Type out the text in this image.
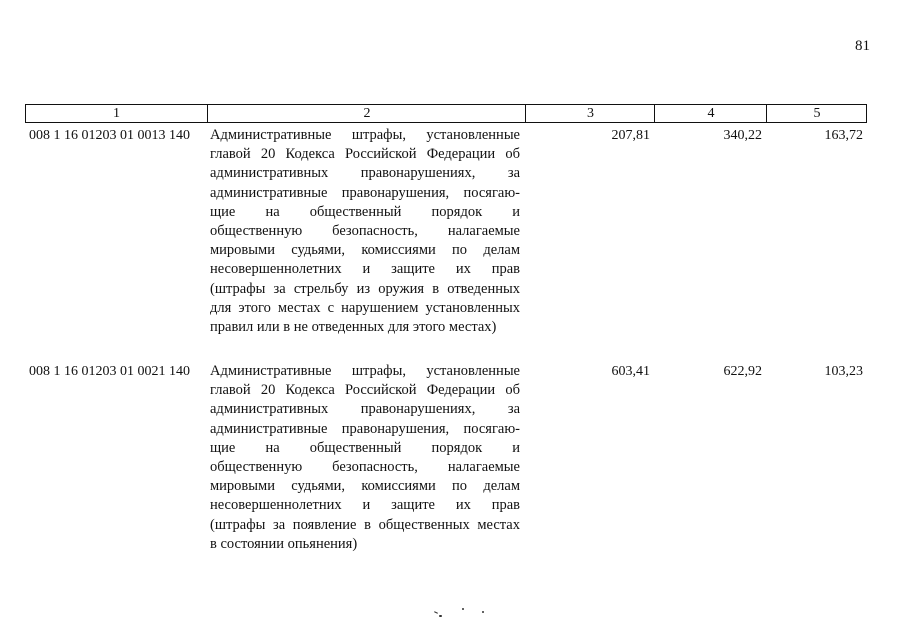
81
1	2	3	4	5
008 1 16 01203 01 0013 140 Административные штрафы, установленные
главой 20 Кодекса Российской Федерации об
административных правонарушениях, за
административные правонарушения, посягаю-
щие на общественный порядок и
общественную безопасность, налагаемые
мировыми судьями, комиссиями по делам
несовершеннолетних и защите их прав
(штрафы за стрельбу из оружия в отведенных
для этого местах с нарушением установленных
правил или в не отведенных для этого местах)
207,81	340,22	163,72
008 1 16 01203 01 0021 140 Административные штрафы, установленные
главой 20 Кодекса Российской Федерации об
административных правонарушениях, за
административные правонарушения, посягаю-
щие на общественный порядок и
общественную безопасность, налагаемые
мировыми судьями, комиссиями по делам
несовершеннолетних и защите их прав
(штрафы за появление в общественных местах
в состоянии опьянения)
603,41	622,92	103,23
